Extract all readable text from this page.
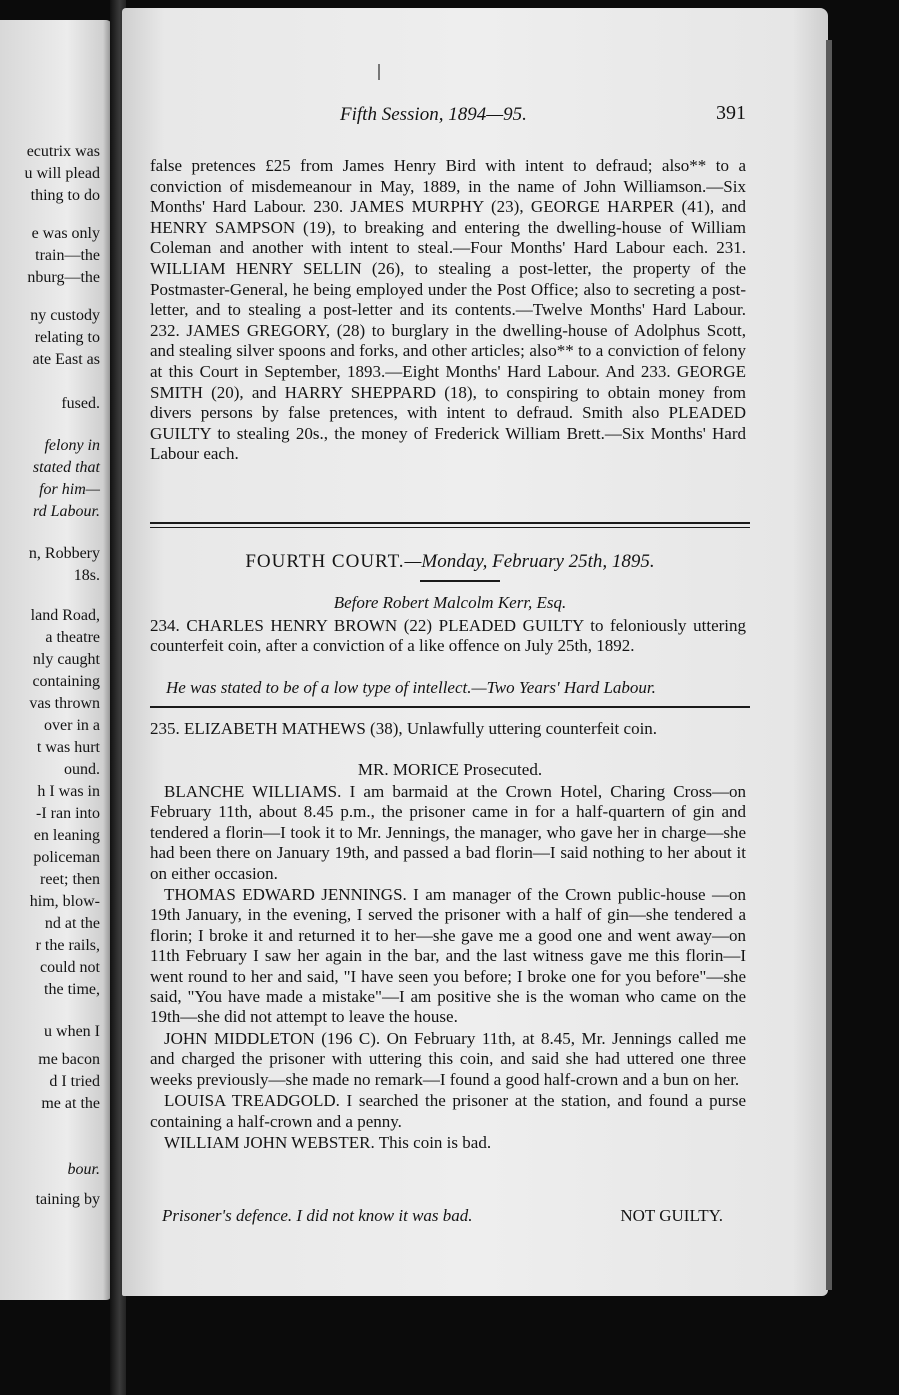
ecutrix was
u will plead
thing to do
e was only
train—the
nburg—the
ny custody
relating to
ate East as
fused.
felony in
stated that
for him—
rd Labour.
n, Robbery
18s.
land Road,
a theatre
nly caught
containing
vas thrown
over in a
t was hurt
ound.
h I was in
-I ran into
en leaning
policeman
reet; then
him, blow-
nd at the
r the rails,
could not
the time,
u when I
me bacon
d I tried
me at the
bour.
taining by
Fifth Session, 1894—95.	391

false pretences £25 from James Henry Bird with intent to defraud; also** to a conviction of misdemeanour in May, 1889, in the name of John Williamson.—Six Months' Hard Labour. 230. JAMES MURPHY (23), GEORGE HARPER (41), and HENRY SAMPSON (19), to breaking and entering the dwelling-house of William Coleman and another with intent to steal.—Four Months' Hard Labour each. 231. WILLIAM HENRY SELLIN (26), to stealing a post-letter, the property of the Postmaster-General, he being employed under the Post Office; also to secreting a post-letter, and to stealing a post-letter and its contents.—Twelve Months' Hard Labour. 232. JAMES GREGORY, (28) to burglary in the dwelling-house of Adolphus Scott, and stealing silver spoons and forks, and other articles; also** to a conviction of felony at this Court in September, 1893.—Eight Months' Hard Labour. And 233. GEORGE SMITH (20), and HARRY SHEPPARD (18), to conspiring to obtain money from divers persons by false pretences, with intent to defraud. Smith also PLEADED GUILTY to stealing 20s., the money of Frederick William Brett.—Six Months' Hard Labour each.

FOURTH COURT.—Monday, February 25th, 1895.
Before Robert Malcolm Kerr, Esq.

234. CHARLES HENRY BROWN (22) PLEADED GUILTY to feloniously uttering counterfeit coin, after a conviction of a like offence on July 25th, 1892.

He was stated to be of a low type of intellect.—Two Years' Hard Labour.

235. ELIZABETH MATHEWS (38), Unlawfully uttering counterfeit coin.

MR. MORICE Prosecuted.

BLANCHE WILLIAMS. I am barmaid at the Crown Hotel, Charing Cross—on February 11th, about 8.45 p.m., the prisoner came in for a half-quartern of gin and tendered a florin—I took it to Mr. Jennings, the manager, who gave her in charge—she had been there on January 19th, and passed a bad florin—I said nothing to her about it on either occasion.

THOMAS EDWARD JENNINGS. I am manager of the Crown public-house —on 19th January, in the evening, I served the prisoner with a half of gin—she tendered a florin; I broke it and returned it to her—she gave me a good one and went away—on 11th February I saw her again in the bar, and the last witness gave me this florin—I went round to her and said, "I have seen you before; I broke one for you before"—she said, "You have made a mistake"—I am positive she is the woman who came on the 19th—she did not attempt to leave the house.

JOHN MIDDLETON (196 C). On February 11th, at 8.45, Mr. Jennings called me and charged the prisoner with uttering this coin, and said she had uttered one three weeks previously—she made no remark—I found a good half-crown and a bun on her.

LOUISA TREADGOLD. I searched the prisoner at the station, and found a purse containing a half-crown and a penny.

WILLIAM JOHN WEBSTER. This coin is bad.

Prisoner's defence. I did not know it was bad.	NOT GUILTY.
